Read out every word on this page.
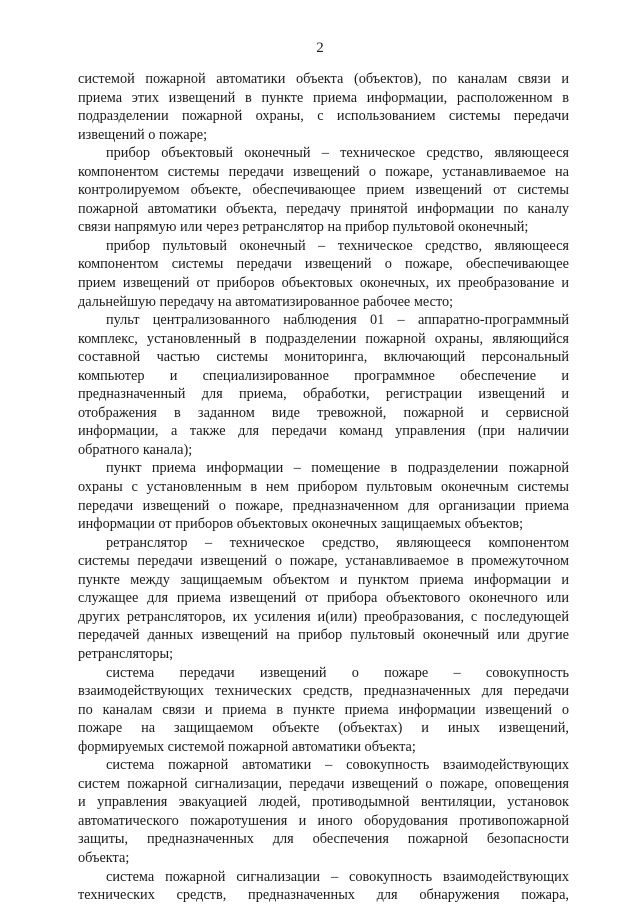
2
системой пожарной автоматики объекта (объектов), по каналам связи и
приема этих извещений в пункте приема информации, расположенном в
подразделении пожарной охраны, с использованием системы передачи
извещений о пожаре;
прибор объектовый оконечный – техническое средство, являющееся
компонентом системы передачи извещений о пожаре, устанавливаемое на
контролируемом объекте, обеспечивающее прием извещений от системы
пожарной автоматики объекта, передачу принятой информации по каналу
связи напрямую или через ретранслятор на прибор пультовой оконечный;
прибор пультовый оконечный – техническое средство, являющееся
компонентом системы передачи извещений о пожаре, обеспечивающее
прием извещений от приборов объектовых оконечных, их преобразование и
дальнейшую передачу на автоматизированное рабочее место;
пульт централизованного наблюдения 01 – аппаратно-программный
комплекс, установленный в подразделении пожарной охраны, являющийся
составной частью системы мониторинга, включающий персональный
компьютер и специализированное программное обеспечение и
предназначенный для приема, обработки, регистрации извещений и
отображения в заданном виде тревожной, пожарной и сервисной
информации, а также для передачи команд управления (при наличии
обратного канала);
пункт приема информации – помещение в подразделении пожарной
охраны с установленным в нем прибором пультовым оконечным системы
передачи извещений о пожаре, предназначенном для организации приема
информации от приборов объектовых оконечных защищаемых объектов;
ретранслятор – техническое средство, являющееся компонентом
системы передачи извещений о пожаре, устанавливаемое в промежуточном
пункте между защищаемым объектом и пунктом приема информации и
служащее для приема извещений от прибора объектового оконечного или
других ретрансляторов, их усиления и(или) преобразования, с последующей
передачей данных извещений на прибор пультовый оконечный или другие
ретрансляторы;
система передачи извещений о пожаре – совокупность
взаимодействующих технических средств, предназначенных для передачи
по каналам связи и приема в пункте приема информации извещений о
пожаре на защищаемом объекте (объектах) и иных извещений,
формируемых системой пожарной автоматики объекта;
система пожарной автоматики – совокупность взаимодействующих
систем пожарной сигнализации, передачи извещений о пожаре, оповещения
и управления эвакуацией людей, противодымной вентиляции, установок
автоматического пожаротушения и иного оборудования противопожарной
защиты, предназначенных для обеспечения пожарной безопасности
объекта;
система пожарной сигнализации – совокупность взаимодействующих
технических средств, предназначенных для обнаружения пожара,
